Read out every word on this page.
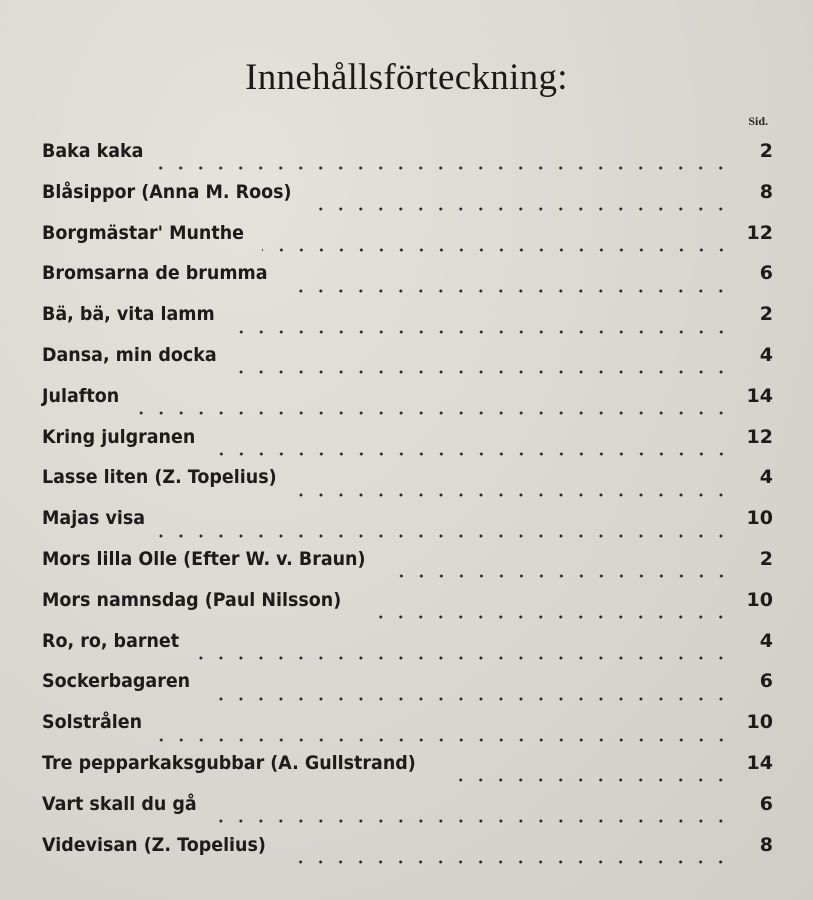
Innehållsförteckning:
Sid.
Baka kaka	2
Blåsippor (Anna M. Roos)	8
Borgmästar' Munthe	12
Bromsarna de brumma	6
Bä, bä, vita lamm	2
Dansa, min docka	4
Julafton	14
Kring julgranen	12
Lasse liten (Z. Topelius)	4
Majas visa	10
Mors lilla Olle (Efter W. v. Braun)	2
Mors namnsdag (Paul Nilsson)	10
Ro, ro, barnet	4
Sockerbagaren	6
Solstrålen	10
Tre pepparkaksgubbar (A. Gullstrand)	14
Vart skall du gå	6
Videvisan (Z. Topelius)	8
